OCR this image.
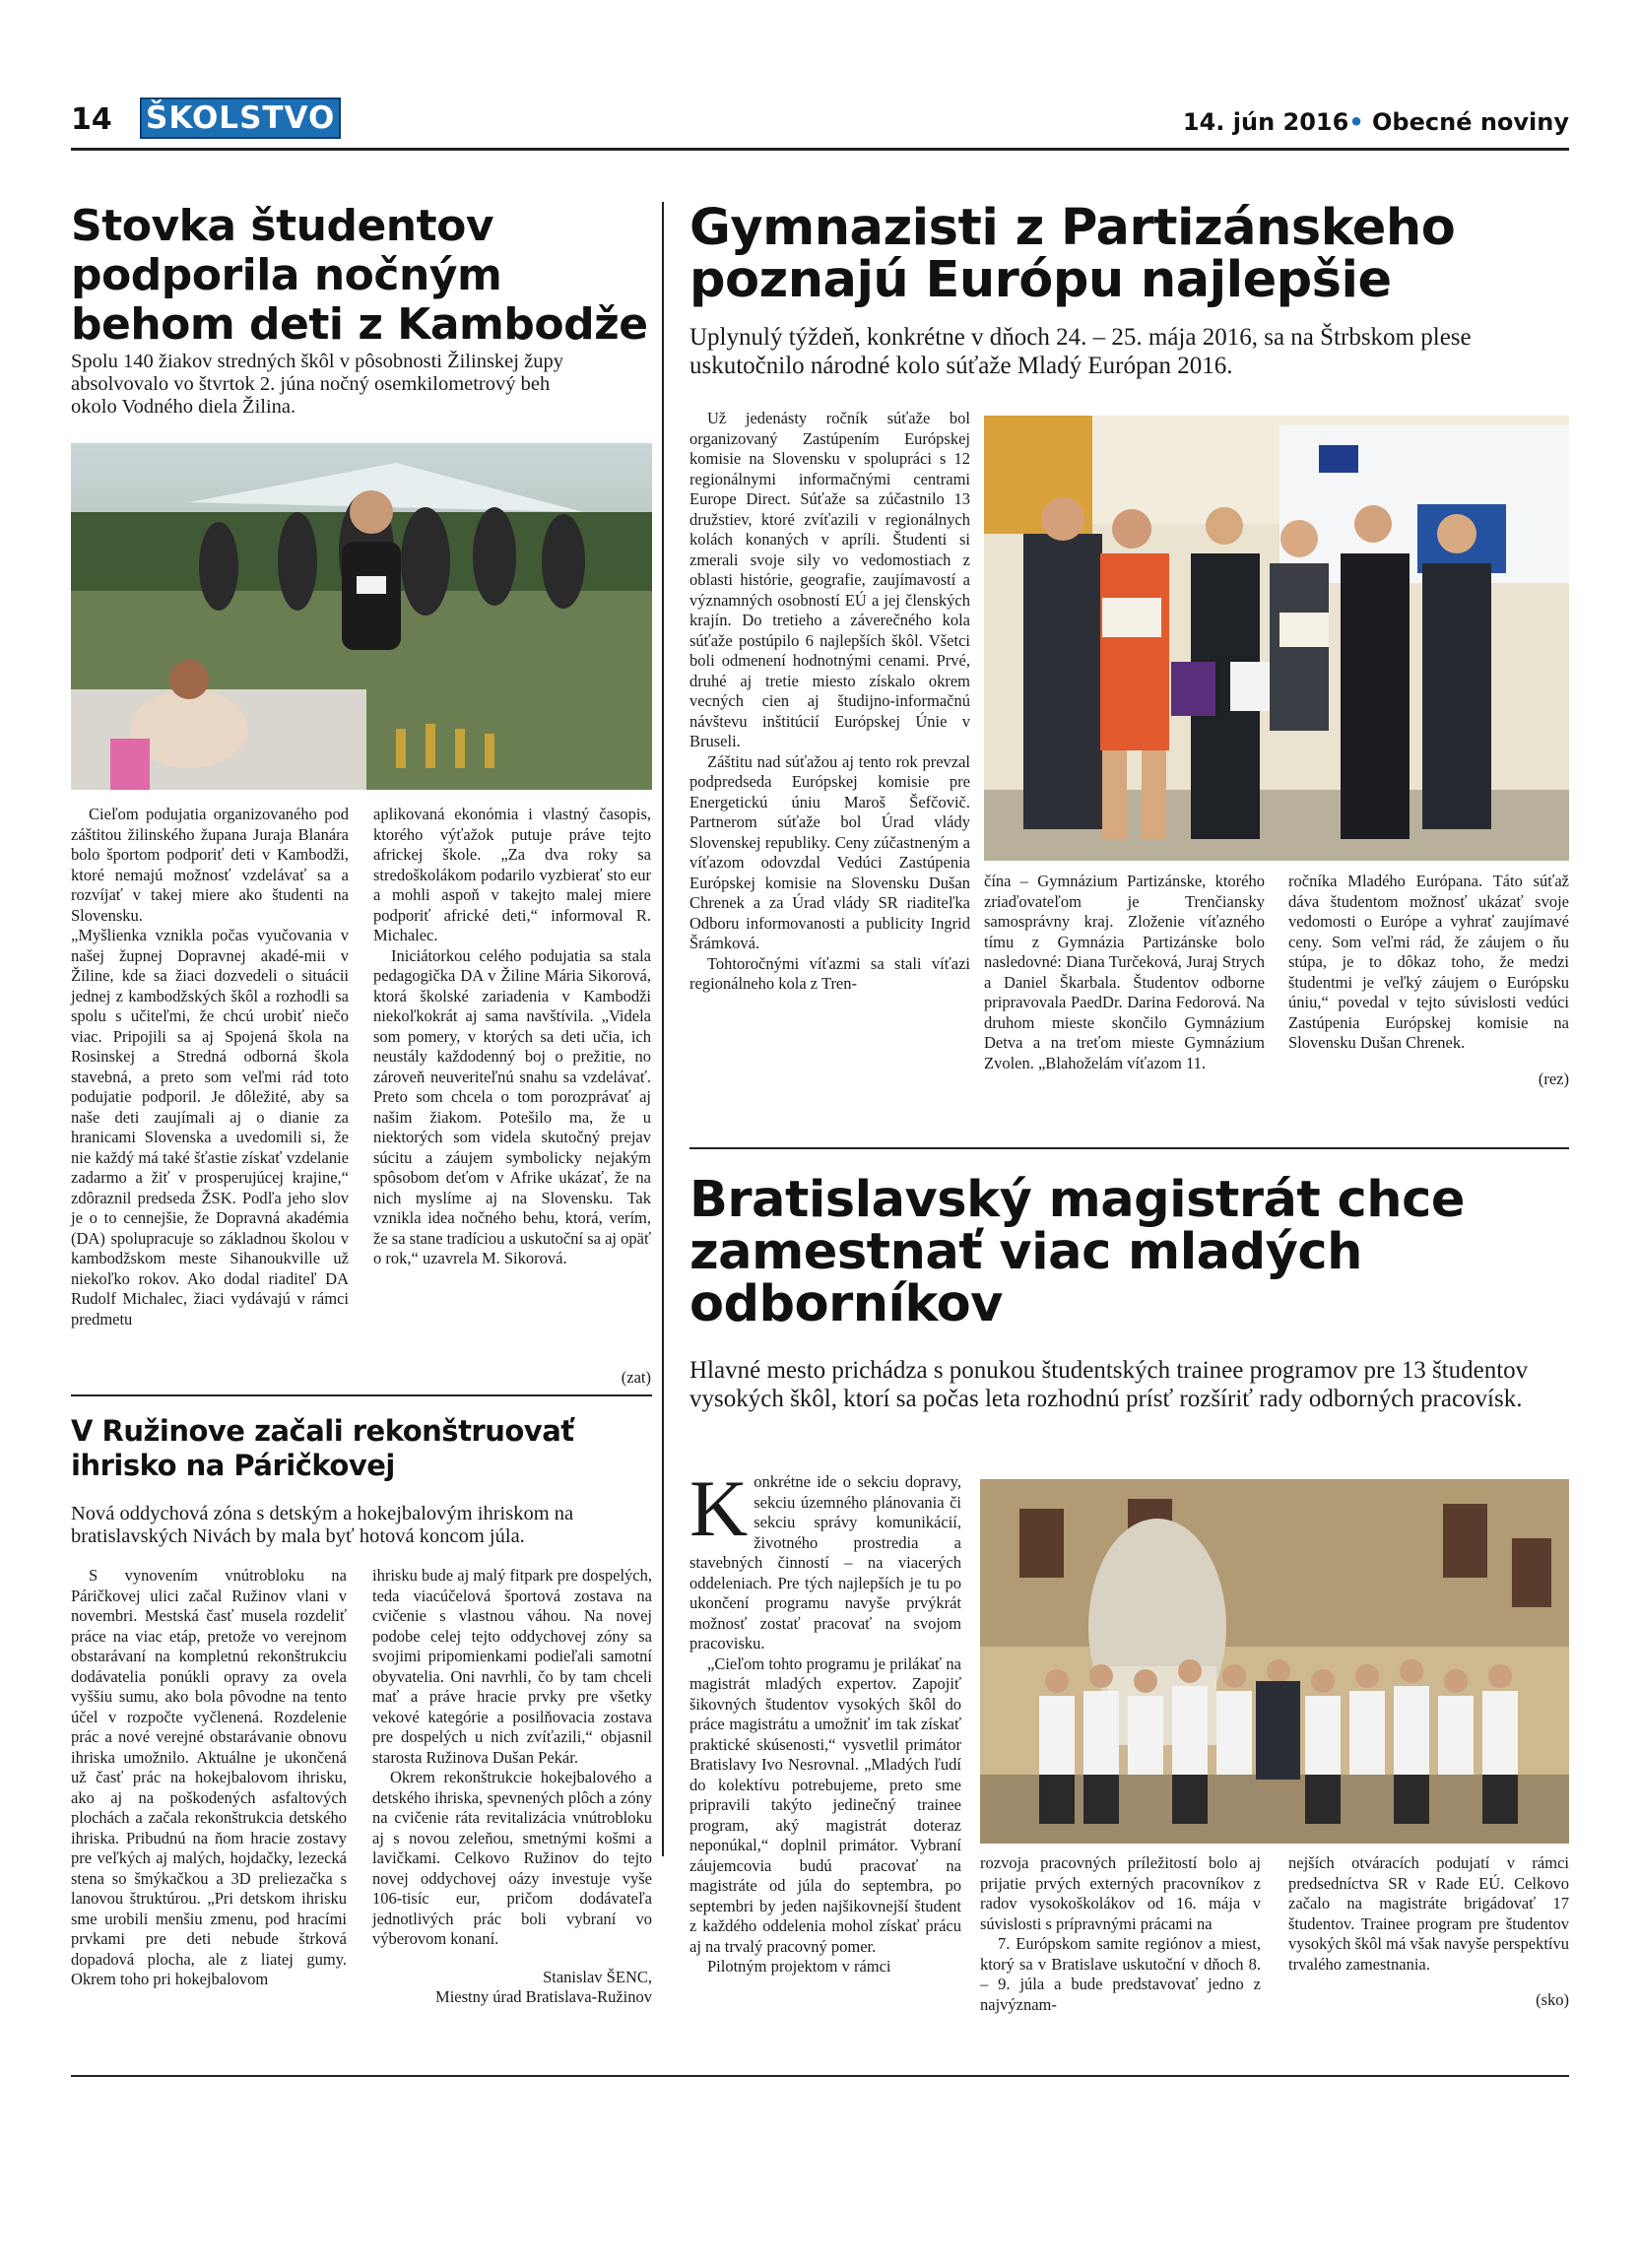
14 ŠKOLSTVO	14. jún 2016• Obecné noviny
Stovka študentov
podporila nočným
behom deti z Kambodže

Spolu 140 žiakov stredných škôl v pôsobnosti Žilinskej župy absolvovalo vo štvrtok 2. júna nočný osemkilometrový beh okolo Vodného diela Žilina.

Cieľom podujatia organizovaného pod záštitou žilinského župana Juraja Blanára bolo športom podporiť deti v Kambodži, ktoré nemajú možnosť vzdelávať sa a rozvíjať v takej miere ako študenti na Slovensku.

„Myšlienka vznikla počas vyučovania v našej župnej Dopravnej akadé-mii v Žiline, kde sa žiaci dozvedeli o situácii jednej z kambodžských škôl a rozhodli sa spolu s učiteľmi, že chcú urobiť niečo viac. Pripojili sa aj Spojená škola na Rosinskej a Stredná odborná škola stavebná, a preto som veľmi rád toto podujatie podporil. Je dôležité, aby sa naše deti zaujímali aj o dianie za hranicami Slovenska a uvedomili si, že nie každý má také šťastie získať vzdelanie zadarmo a žiť v prosperujúcej krajine,“ zdôraznil predseda ŽSK. Podľa jeho slov je o to cennejšie, že Dopravná akadémia (DA) spolupracuje so základnou školou v kambodžskom meste Sihanoukville už niekoľko rokov. Ako dodal riaditeľ DA Rudolf Michalec, žiaci vydávajú v rámci predmetu

aplikovaná ekonómia i vlastný časopis, ktorého výťažok putuje práve tejto africkej škole. „Za dva roky sa stredoškolákom podarilo vyzbierať sto eur a mohli aspoň v takejto malej miere podporiť africké deti,“ informoval R. Michalec.

Iniciátorkou celého podujatia sa stala pedagogička DA v Žiline Mária Sikorová, ktorá školské zariadenia v Kambodži niekoľkokrát aj sama navštívila. „Videla som pomery, v ktorých sa deti učia, ich neustály každodenný boj o prežitie, no zároveň neuveriteľnú snahu sa vzdelávať. Preto som chcela o tom porozprávať aj našim žiakom. Potešilo ma, že u niektorých som videla skutočný prejav súcitu a záujem symbolicky nejakým spôsobom deťom v Afrike ukázať, že na nich myslíme aj na Slovensku. Tak vznikla idea nočného behu, ktorá, verím, že sa stane tradíciou a uskutoční sa aj opäť o rok,“ uzavrela M. Sikorová.

(zat)

Gymnazisti z Partizánskeho
poznajú Európu najlepšie

Uplynulý týždeň, konkrétne v dňoch 24. – 25. mája 2016, sa na Štrbskom plese uskutočnilo národné kolo súťaže Mladý Európan 2016.

Už jedenásty ročník súťaže bol organizovaný Zastúpením Európskej komisie na Slovensku v spolupráci s 12 regionálnymi informačnými centrami Europe Direct. Súťaže sa zúčastnilo 13 družstiev, ktoré zvíťazili v regionálnych kolách konaných v apríli. Študenti si zmerali svoje sily vo vedomostiach z oblasti histórie, geografie, zaujímavostí a významných osobností EÚ a jej členských krajín. Do tretieho a záverečného kola súťaže postúpilo 6 najlepších škôl. Všetci boli odmenení hodnotnými cenami. Prvé, druhé aj tretie miesto získalo okrem vecných cien aj študijno-informačnú návštevu inštitúcií Európskej Únie v Bruseli.

Záštitu nad súťažou aj tento rok prevzal podpredseda Európskej komisie pre Energetickú úniu Maroš Šefčovič. Partnerom súťaže bol Úrad vlády Slovenskej republiky. Ceny zúčastneným a víťazom odovzdal Vedúci Zastúpenia Európskej komisie na Slovensku Dušan Chrenek a za Úrad vlády SR riaditeľka Odboru informovanosti a publicity Ingrid Šrámková.

Tohtoročnými víťazmi sa stali víťazi regionálneho kola z Tren-

čína – Gymnázium Partizánske, ktorého zriaďovateľom je Trenčiansky samosprávny kraj. Zloženie víťazného tímu z Gymnázia Partizánske bolo nasledovné: Diana Turčeková, Juraj Strych a Daniel Škarbala. Študentov odborne pripravovala PaedDr. Darina Fedorová. Na druhom mieste skončilo Gymnázium Detva a na treťom mieste Gymnázium Zvolen. „Blahoželám víťazom 11.

ročníka Mladého Európana. Táto súťaž dáva študentom možnosť ukázať svoje vedomosti o Európe a vyhrať zaujímavé ceny. Som veľmi rád, že záujem o ňu stúpa, je to dôkaz toho, že medzi študentmi je veľký záujem o Európsku úniu,“ povedal v tejto súvislosti vedúci Zastúpenia Európskej komisie na Slovensku Dušan Chrenek.

(rez)

V Ružinove začali rekonštruovať
ihrisko na Páričkovej

Nová oddychová zóna s detským a hokejbalovým ihriskom na bratislavských Nivách by mala byť hotová koncom júla.

S vynovením vnútrobloku na Páričkovej ulici začal Ružinov vlani v novembri. Mestská časť musela rozdeliť práce na viac etáp, pretože vo verejnom obstarávaní na kompletnú rekonštrukciu dodávatelia ponúkli opravy za ovela vyššiu sumu, ako bola pôvodne na tento účel v rozpočte vyčlenená. Rozdelenie prác a nové verejné obstarávanie obnovu ihriska umožnilo. Aktuálne je ukončená už časť prác na hokejbalovom ihrisku, ako aj na poškodených asfaltových plochách a začala rekonštrukcia detského ihriska. Pribudnú na ňom hracie zostavy pre veľkých aj malých, hojdačky, lezecká stena so šmýkačkou a 3D preliezačka s lanovou štruktúrou. „Pri detskom ihrisku sme urobili menšiu zmenu, pod hracími prvkami pre deti nebude štrková dopadová plocha, ale z liatej gumy. Okrem toho pri hokejbalovom

ihrisku bude aj malý fitpark pre dospelých, teda viacúčelová športová zostava na cvičenie s vlastnou váhou. Na novej podobe celej tejto oddychovej zóny sa svojimi pripomienkami podieľali samotní obyvatelia. Oni navrhli, čo by tam chceli mať a práve hracie prvky pre všetky vekové kategórie a posilňovacia zostava pre dospelých u nich zvíťazili,“ objasnil starosta Ružinova Dušan Pekár.

Okrem rekonštrukcie hokejbalového a detského ihriska, spevnených plôch a zóny na cvičenie ráta revitalizácia vnútrobloku aj s novou zeleňou, smetnými košmi a lavičkami. Celkovo Ružinov do tejto novej oddychovej oázy investuje vyše 106-tisíc eur, pričom dodávateľa jednotlivých prác boli vybraní vo výberovom konaní.

Stanislav ŠENC,

Miestny úrad Bratislava-Ružinov

Bratislavský magistrát chce
zamestnať viac mladých
odborníkov

Hlavné mesto prichádza s ponukou študentských trainee programov pre 13 študentov vysokých škôl, ktorí sa počas leta rozhodnú prísť rozšíriť rady odborných pracovísk.

K onkrétne ide o sekciu dopravy, sekciu územného plánovania či sekciu správy komunikácií, životného prostredia a stavebných činností – na viacerých oddeleniach. Pre tých najlepších je tu po ukončení programu navyše prvýkrát možnosť zostať pracovať na svojom pracovisku.

„Cieľom tohto programu je prilákať na magistrát mladých expertov. Zapojiť šikovných študentov vysokých škôl do práce magistrátu a umožniť im tak získať praktické skúsenosti,“ vysvetlil primátor Bratislavy Ivo Nesrovnal. „Mladých ľudí do kolektívu potrebujeme, preto sme pripravili takýto jedinečný trainee program, aký magistrát doteraz neponúkal,“ doplnil primátor. Vybraní záujemcovia budú pracovať na magistráte od júla do septembra, po septembri by jeden najšikovnejší študent z každého oddelenia mohol získať prácu aj na trvalý pracovný pomer.

Pilotným projektom v rámci

rozvoja pracovných príležitostí bolo aj prijatie prvých externých pracovníkov z radov vysokoškolákov od 16. mája v súvislosti s prípravnými prácami na

7. Európskom samite regiónov a miest, ktorý sa v Bratislave uskutoční v dňoch 8. – 9. júla a bude predstavovať jedno z najvýznam-

nejších otváracích podujatí v rámci predsedníctva SR v Rade EÚ. Celkovo začalo na magistráte brigádovať 17 študentov. Trainee program pre študentov vysokých škôl má však navyše perspektívu trvalého zamestnania.

(sko)
